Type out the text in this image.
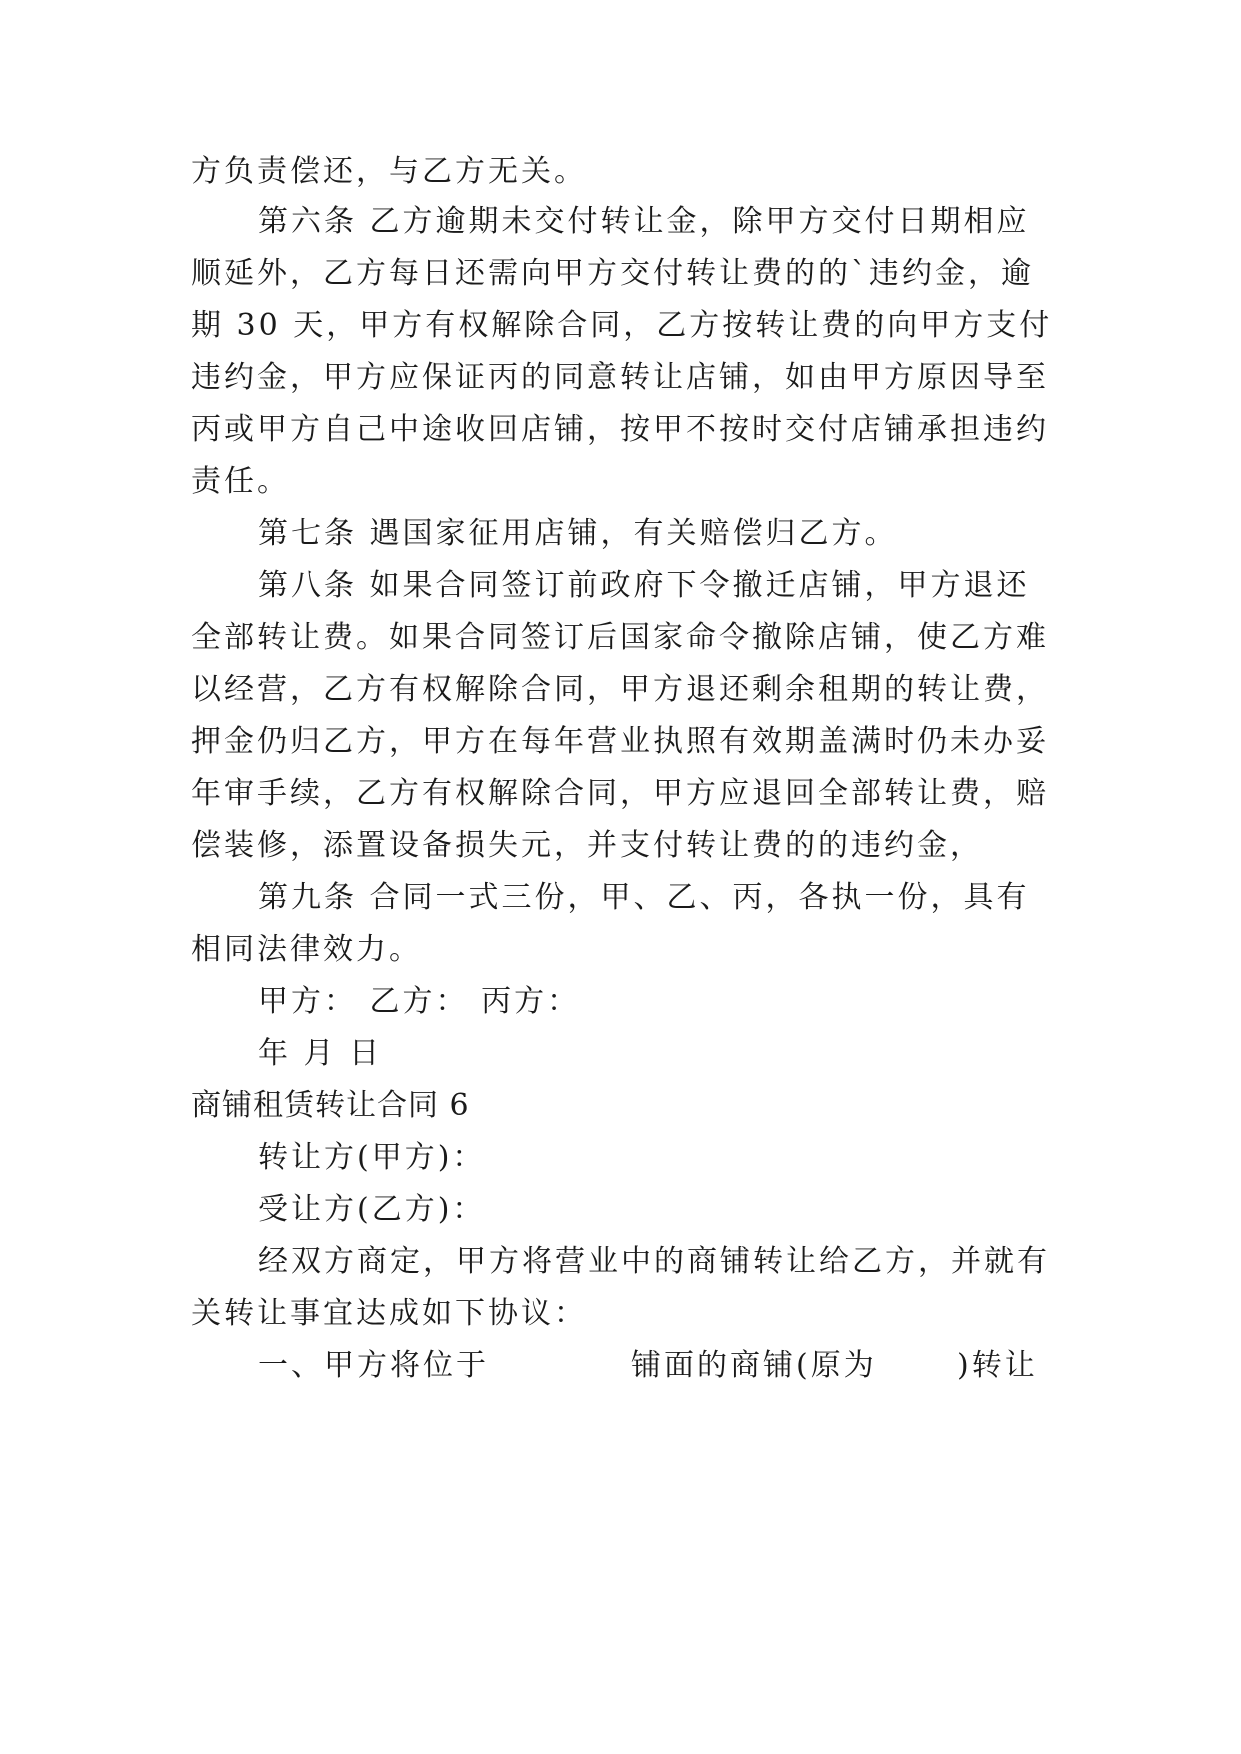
方负责偿还，与乙方无关。
第六条 乙方逾期未交付转让金，除甲方交付日期相应
顺延外，乙方每日还需向甲方交付转让费的的`违约金，逾
期 30 天，甲方有权解除合同，乙方按转让费的向甲方支付
违约金，甲方应保证丙的同意转让店铺，如由甲方原因导至
丙或甲方自己中途收回店铺，按甲不按时交付店铺承担违约
责任。
第七条 遇国家征用店铺，有关赔偿归乙方。
第八条 如果合同签订前政府下令撤迁店铺，甲方退还
全部转让费。如果合同签订后国家命令撤除店铺，使乙方难
以经营，乙方有权解除合同，甲方退还剩余租期的转让费，
押金仍归乙方，甲方在每年营业执照有效期盖满时仍未办妥
年审手续，乙方有权解除合同，甲方应退回全部转让费，赔
偿装修，添置设备损失元，并支付转让费的的违约金，
第九条 合同一式三份，甲、乙、丙，各执一份，具有
相同法律效力。
甲方： 乙方： 丙方：
年 月 日
商铺租赁转让合同 6
转让方(甲方)：
受让方(乙方)：
经双方商定，甲方将营业中的商铺转让给乙方，并就有
关转让事宜达成如下协议：
一、甲方将位于	铺面的商铺(原为	)转让
